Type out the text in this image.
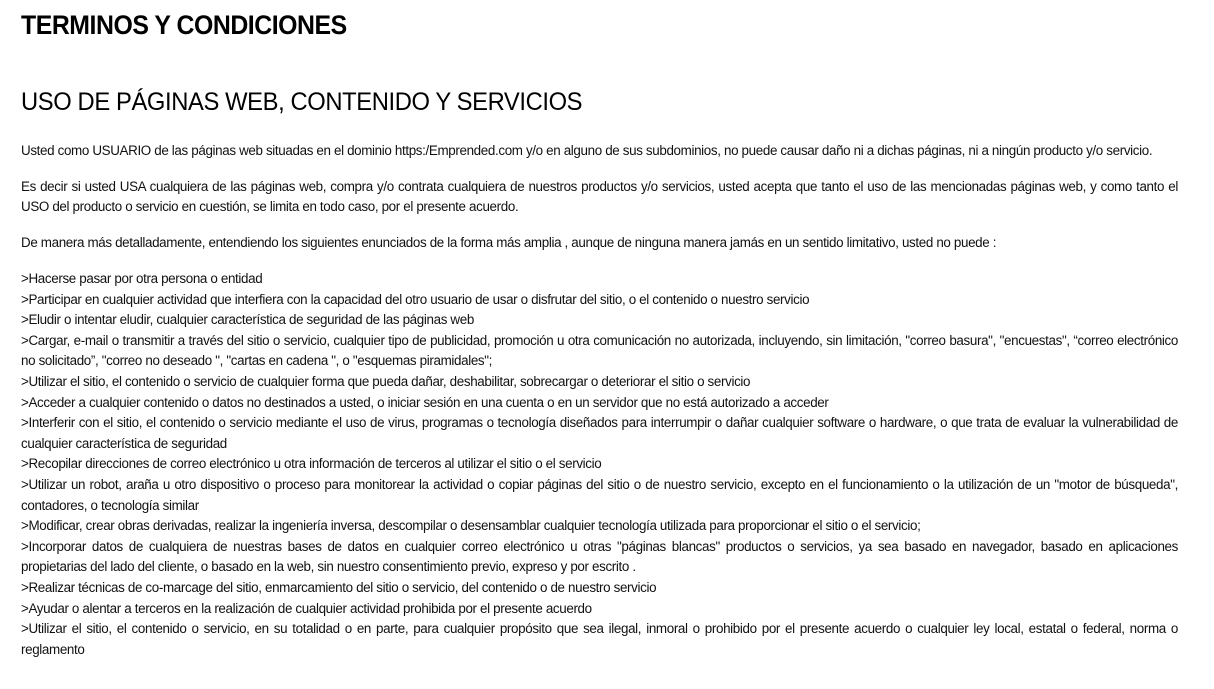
TERMINOS Y CONDICIONES
USO DE PÁGINAS WEB, CONTENIDO Y SERVICIOS

Usted como USUARIO de las páginas web situadas en el dominio https:/Emprended.com y/o en alguno de sus subdominios, no puede causar daño ni a dichas páginas, ni a ningún producto y/o servicio.

Es decir si usted USA cualquiera de las páginas web, compra y/o contrata cualquiera de nuestros productos y/o servicios, usted acepta que tanto el uso de las mencionadas páginas web, y como tanto el USO del producto o servicio en cuestión, se limita en todo caso, por el presente acuerdo.

De manera más detalladamente, entendiendo los siguientes enunciados de la forma más amplia , aunque de ninguna manera jamás en un sentido limitativo, usted no puede :

>Hacerse pasar por otra persona o entidad
>Participar en cualquier actividad que interfiera con la capacidad del otro usuario de usar o disfrutar del sitio, o el contenido o nuestro servicio
>Eludir o intentar eludir, cualquier característica de seguridad de las páginas web
>Cargar, e-mail o transmitir a través del sitio o servicio, cualquier tipo de publicidad, promoción u otra comunicación no autorizada, incluyendo, sin limitación, "correo basura", "encuestas", “correo electrónico no solicitado”, "correo no deseado ", "cartas en cadena ", o "esquemas piramidales";
>Utilizar el sitio, el contenido o servicio de cualquier forma que pueda dañar, deshabilitar, sobrecargar o deteriorar el sitio o servicio
>Acceder a cualquier contenido o datos no destinados a usted, o iniciar sesión en una cuenta o en un servidor que no está autorizado a acceder
>Interferir con el sitio, el contenido o servicio mediante el uso de virus, programas o tecnología diseñados para interrumpir o dañar cualquier software o hardware, o que trata de evaluar la vulnerabilidad de cualquier característica de seguridad
>Recopilar direcciones de correo electrónico u otra información de terceros al utilizar el sitio o el servicio
>Utilizar un robot, araña u otro dispositivo o proceso para monitorear la actividad o copiar páginas del sitio o de nuestro servicio, excepto en el funcionamiento o la utilización de un "motor de búsqueda", contadores, o tecnología similar
>Modificar, crear obras derivadas, realizar la ingeniería inversa, descompilar o desensamblar cualquier tecnología utilizada para proporcionar el sitio o el servicio;
>Incorporar datos de cualquiera de nuestras bases de datos en cualquier correo electrónico u otras "páginas blancas" productos o servicios, ya sea basado en navegador, basado en aplicaciones propietarias del lado del cliente, o basado en la web, sin nuestro consentimiento previo, expreso y por escrito .
>Realizar técnicas de co-marcage del sitio, enmarcamiento del sitio o servicio, del contenido o de nuestro servicio
>Ayudar o alentar a terceros en la realización de cualquier actividad prohibida por el presente acuerdo
>Utilizar el sitio, el contenido o servicio, en su totalidad o en parte, para cualquier propósito que sea ilegal, inmoral o prohibido por el presente acuerdo o cualquier ley local, estatal o federal, norma o reglamento
